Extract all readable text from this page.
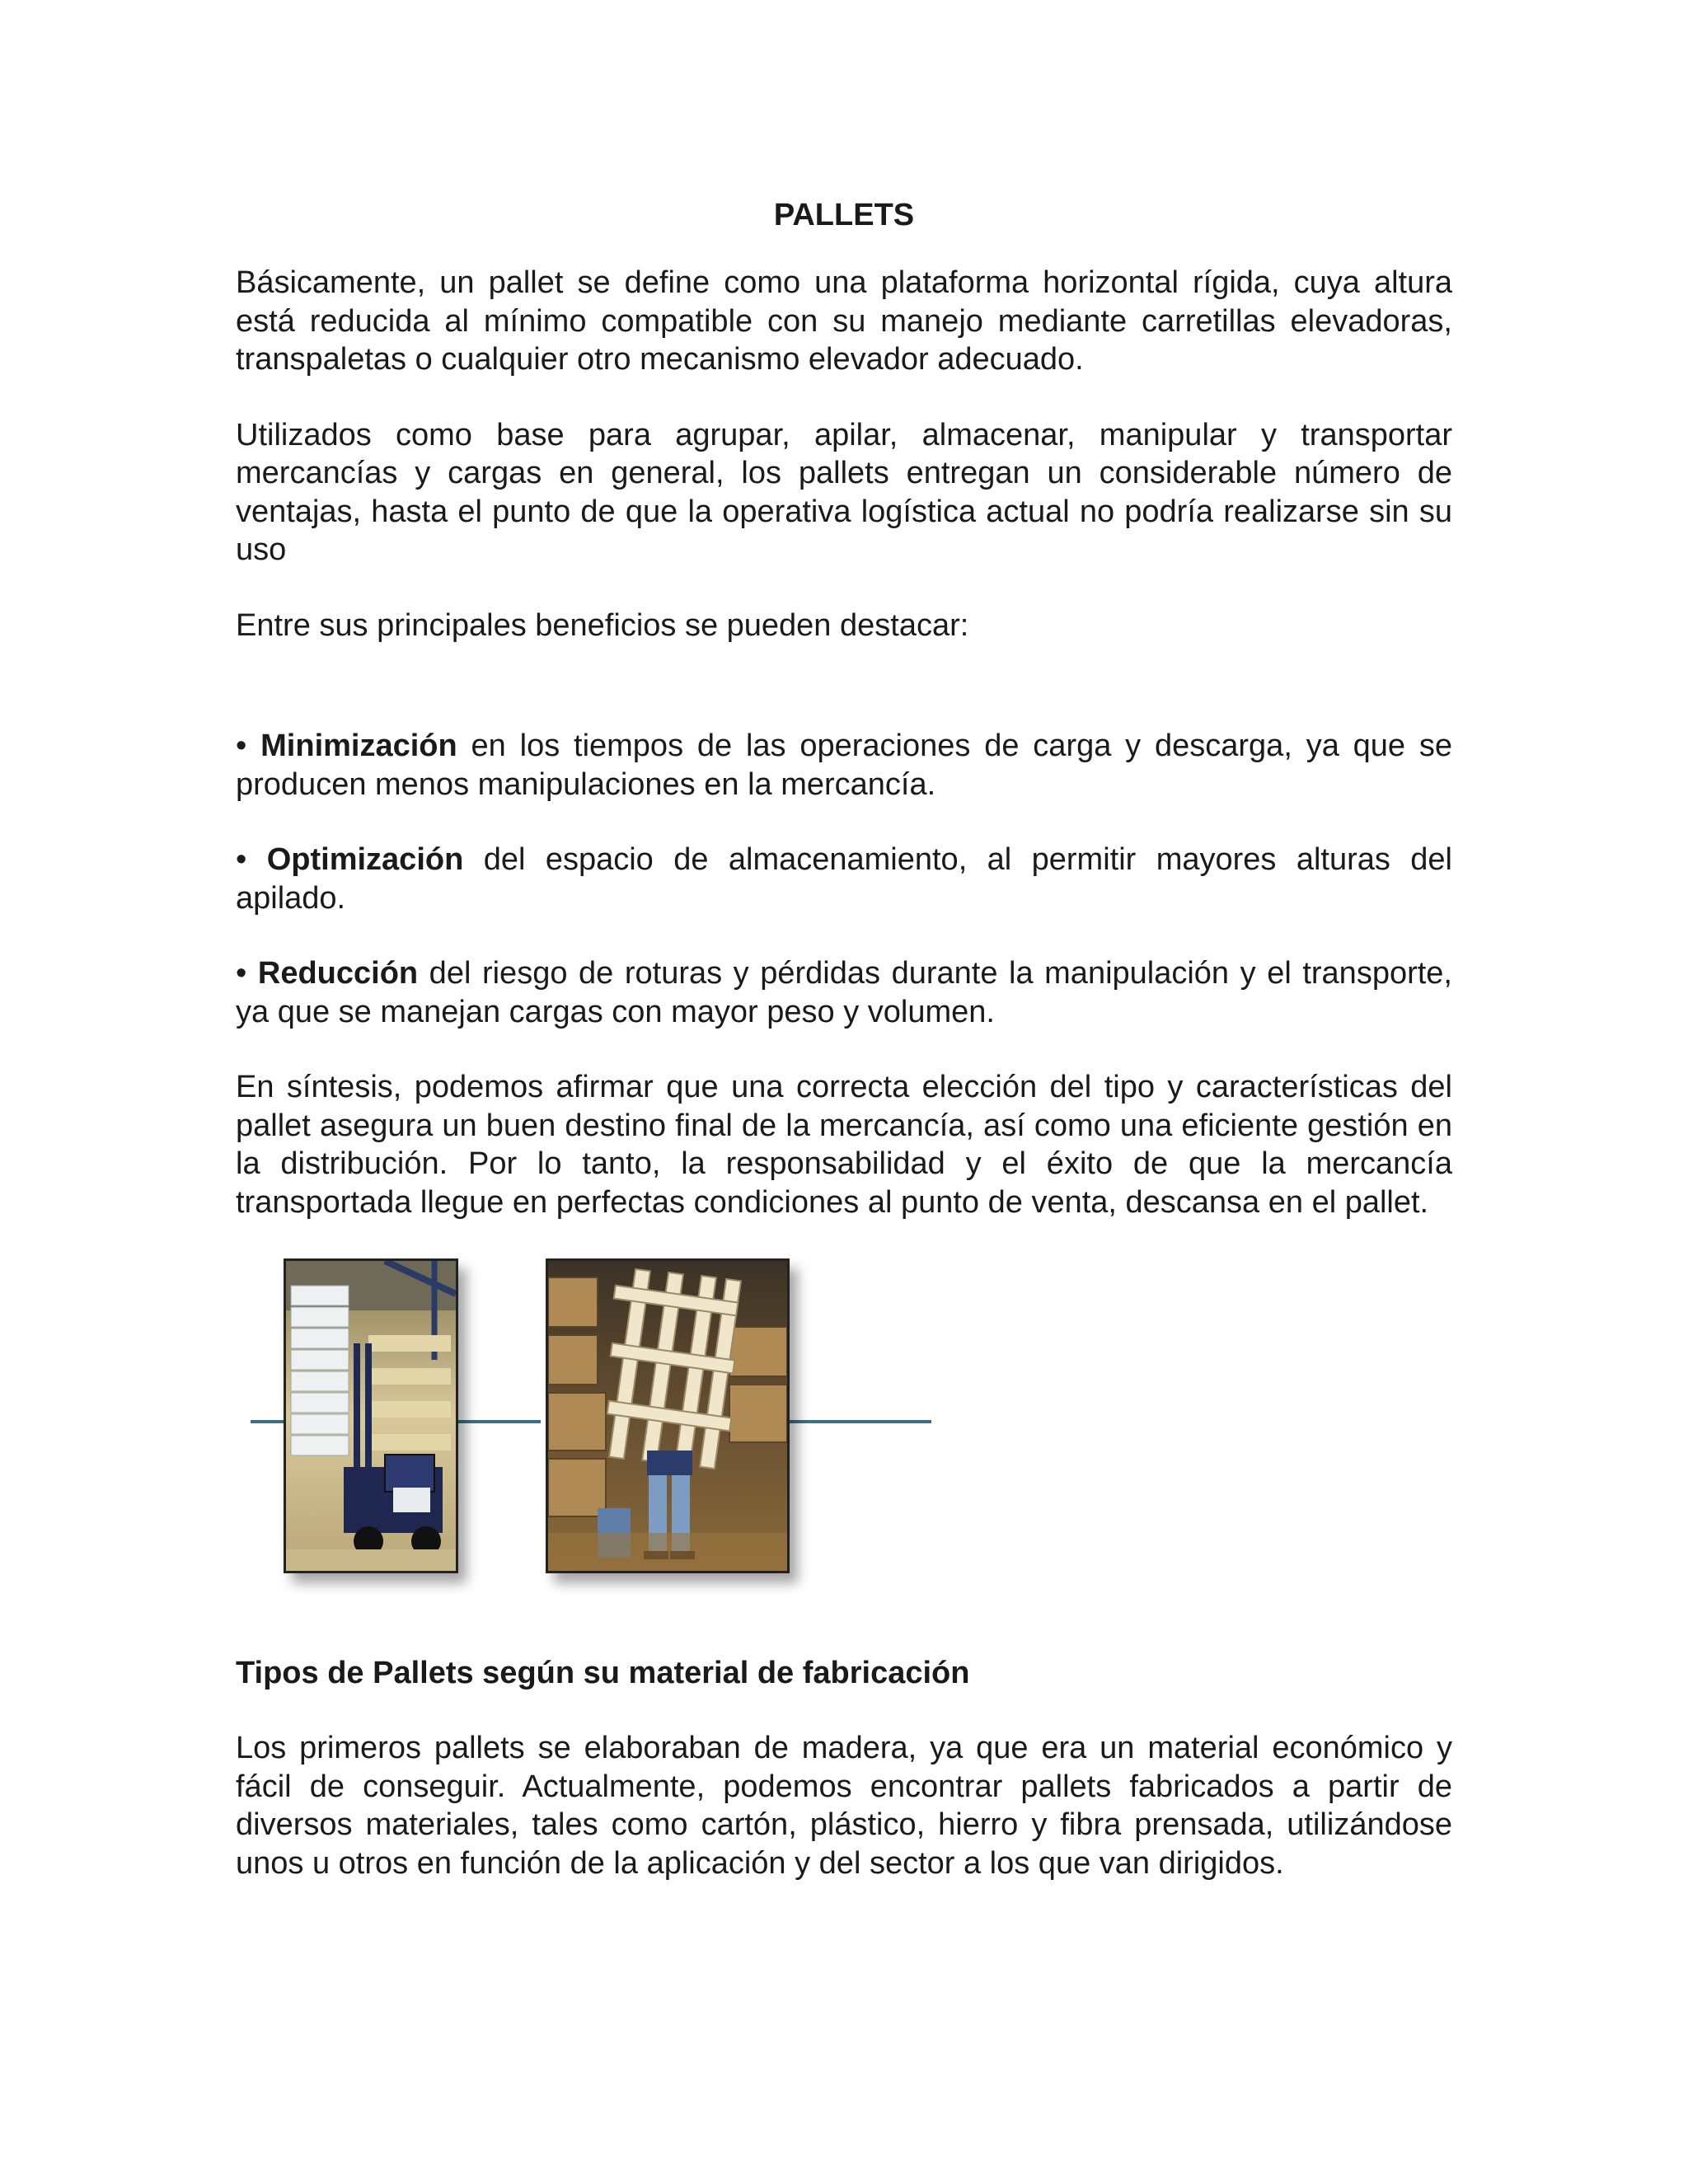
PALLETS

Básicamente, un pallet se define como una plataforma horizontal rígida, cuya altura está reducida al mínimo compatible con su manejo mediante carretillas elevadoras, transpaletas o cualquier otro mecanismo elevador adecuado.

Utilizados como base para agrupar, apilar, almacenar, manipular y transportar mercancías y cargas en general, los pallets entregan un considerable número de ventajas, hasta el punto de que la operativa logística actual no podría realizarse sin su uso

Entre sus principales beneficios se pueden destacar:

• Minimización en los tiempos de las operaciones de carga y descarga, ya que se producen menos manipulaciones en la mercancía.

• Optimización del espacio de almacenamiento, al permitir mayores alturas del apilado.

• Reducción del riesgo de roturas y pérdidas durante la manipulación y el transporte, ya que se manejan cargas con mayor peso y volumen.

En síntesis, podemos afirmar que una correcta elección del tipo y características del pallet asegura un buen destino final de la mercancía, así como una eficiente gestión en la distribución. Por lo tanto, la responsabilidad y el éxito de que la mercancía transportada llegue en perfectas condiciones al punto de venta, descansa en el pallet.

Tipos de Pallets según su material de fabricación

Los primeros pallets se elaboraban de madera, ya que era un material económico y fácil de conseguir. Actualmente, podemos encontrar pallets fabricados a partir de diversos materiales, tales como cartón, plástico, hierro y fibra prensada, utilizándose unos u otros en función de la aplicación y del sector a los que van dirigidos.
